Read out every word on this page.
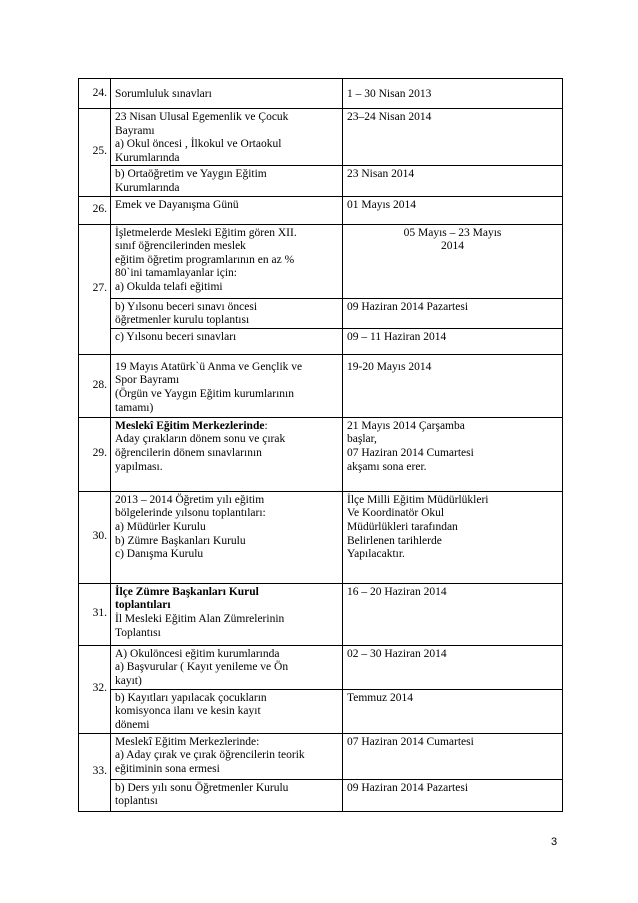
24.	Sorumluluk sınavları	1 – 30 Nisan 2013

25.	23 Nisan Ulusal Egemenlik ve Çocuk
Bayramı
a) Okul öncesi , İlkokul ve Ortaokul
Kurumlarında	23–24 Nisan 2014

	b) Ortaöğretim ve Yaygın Eğitim
Kurumlarında	23 Nisan 2014

26.	Emek ve Dayanışma Günü	01 Mayıs 2014

27.	İşletmelerde Mesleki Eğitim gören XII.
sınıf öğrencilerinden meslek
eğitim öğretim programlarının en az %
80`ini tamamlayanlar için:
a) Okulda telafi eğitimi	05 Mayıs – 23 Mayıs
2014

	b) Yılsonu beceri sınavı öncesi
öğretmenler kurulu toplantısı	09 Haziran 2014 Pazartesi

	c) Yılsonu beceri sınavları	09 – 11 Haziran 2014

28.	19 Mayıs Atatürk`ü Anma ve Gençlik ve
Spor Bayramı
(Örgün ve Yaygın Eğitim kurumlarının
tamamı)	19-20 Mayıs 2014

29.	Meslekî Eğitim Merkezlerinde:
Aday çırakların dönem sonu ve çırak
öğrencilerin dönem sınavlarının
yapılması.	21 Mayıs 2014 Çarşamba
başlar,
07 Haziran 2014 Cumartesi
akşamı sona erer.

30.	2013 – 2014 Öğretim yılı eğitim
bölgelerinde yılsonu toplantıları:
a) Müdürler Kurulu
b) Zümre Başkanları Kurulu
c) Danışma Kurulu	İlçe Milli Eğitim Müdürlükleri
Ve Koordinatör Okul
Müdürlükleri tarafından
Belirlenen tarihlerde
Yapılacaktır.

31.	İlçe Zümre Başkanları Kurul
toplantıları
İl Mesleki Eğitim Alan Zümrelerinin
Toplantısı	16 – 20 Haziran 2014

32.	A) Okulöncesi eğitim kurumlarında
a) Başvurular ( Kayıt yenileme ve Ön
kayıt)	02 – 30 Haziran 2014

	b) Kayıtları yapılacak çocukların
komisyonca ilanı ve kesin kayıt
dönemi	Temmuz 2014

33.	Meslekî Eğitim Merkezlerinde:
a) Aday çırak ve çırak öğrencilerin teorik
eğitiminin sona ermesi	07 Haziran 2014 Cumartesi

	b) Ders yılı sonu Öğretmenler Kurulu
toplantısı	09 Haziran 2014 Pazartesi
3
